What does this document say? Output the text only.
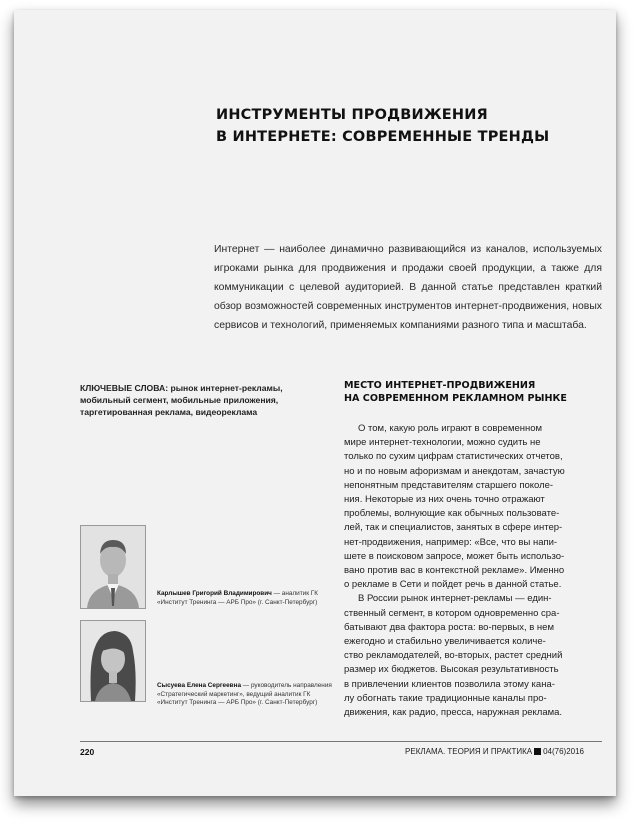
ИНСТРУМЕНТЫ ПРОДВИЖЕНИЯ
В ИНТЕРНЕТЕ: СОВРЕМЕННЫЕ ТРЕНДЫ
Интернет — наиболее динамично развивающийся из каналов, используемых игроками рынка для продвижения и продажи своей продукции, а также для коммуникации с целевой аудиторией. В данной статье представлен краткий обзор возможностей современных инструментов интернет-продвижения, новых сервисов и технологий, применяемых компаниями разного типа и масштаба.
КЛЮЧЕВЫЕ СЛОВА: рынок интернет-рекламы, мобильный сегмент, мобильные приложения, таргетированная реклама, видеореклама
Карлышев Григорий Владимирович — аналитик ГК «Институт Тренинга — АРБ Про» (г. Санкт-Петербург)
Сысуева Елена Сергеевна — руководитель направления «Стратегический маркетинг», ведущий аналитик ГК «Институт Тренинга — АРБ Про» (г. Санкт-Петербург)
МЕСТО ИНТЕРНЕТ-ПРОДВИЖЕНИЯ
НА СОВРЕМЕННОМ РЕКЛАМНОМ РЫНКЕ
О том, какую роль играют в современном
мире интернет-технологии, можно судить не
только по сухим цифрам статистических отчетов,
но и по новым афоризмам и анекдотам, зачастую
непонятным представителям старшего поколе-
ния. Некоторые из них очень точно отражают
проблемы, волнующие как обычных пользовате-
лей, так и специалистов, занятых в сфере интер-
нет-продвижения, например: «Все, что вы напи-
шете в поисковом запросе, может быть использо-
вано против вас в контекстной рекламе». Именно
о рекламе в Сети и пойдет речь в данной статье.
В России рынок интернет-рекламы — един-
ственный сегмент, в котором одновременно сра-
батывают два фактора роста: во-первых, в нем
ежегодно и стабильно увеличивается количе-
ство рекламодателей, во-вторых, растет средний
размер их бюджетов. Высокая результативность
в привлечении клиентов позволила этому кана-
лу обогнать такие традиционные каналы про-
движения, как радио, пресса, наружная реклама.
220	РЕКЛАМА. ТЕОРИЯ И ПРАКТИКА 04(76)2016
